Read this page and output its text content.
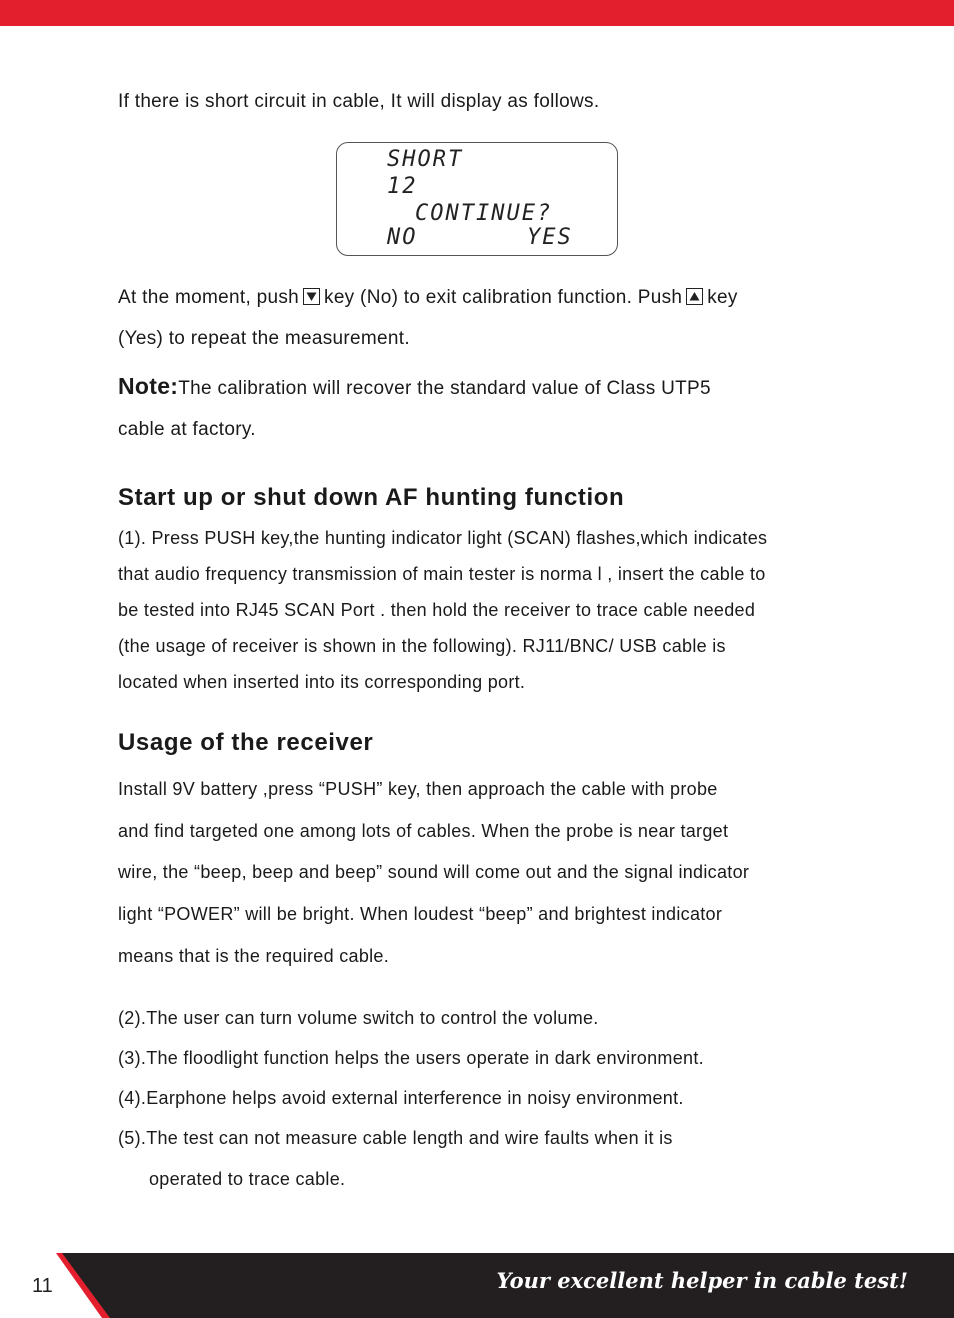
If there is short circuit in cable, It will display as follows.
SHORT
12
CONTINUE?
NO	YES
At the moment, push key (No) to exit calibration function. Push key
(Yes) to repeat the measurement.
Note:The calibration will recover the standard value of Class UTP5
cable at factory.
Start up or shut down AF hunting function
(1). Press PUSH key,the hunting indicator light (SCAN) flashes,which indicates
that audio frequency transmission of main tester is norma l , insert the cable to
be tested into RJ45 SCAN Port . then hold the receiver to trace cable needed
(the usage of receiver is shown in the following). RJ11/BNC/ USB cable is
located when inserted into its corresponding port.
Usage of the receiver
Install 9V battery ,press “PUSH” key, then approach the cable with probe
and find targeted one among lots of cables. When the probe is near target
wire, the “beep, beep and beep” sound will come out and the signal indicator
light “POWER” will be bright. When loudest “beep” and brightest indicator
means that is the required cable.
(2).The user can turn volume switch to control the volume.
(3).The floodlight function helps the users operate in dark environment.
(4).Earphone helps avoid external interference in noisy environment.
(5).The test can not measure cable length and wire faults when it is
operated to trace cable.
11	Your excellent helper in cable test!
